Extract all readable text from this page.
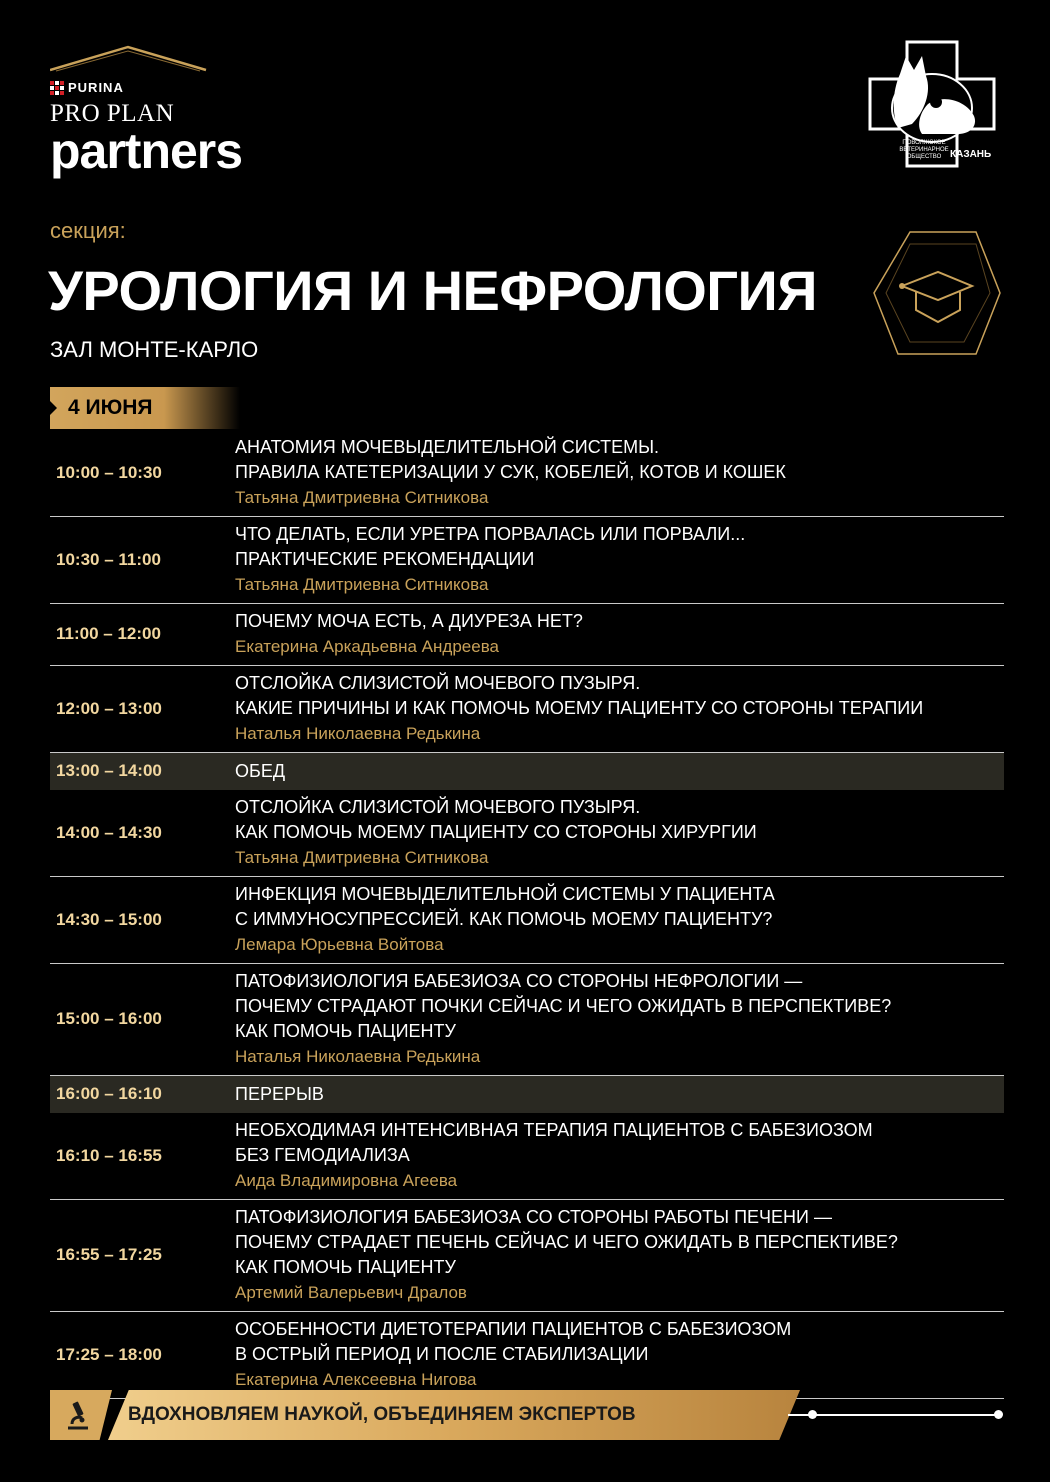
PURINA
PRO PLAN
partners	ПОВОЛЖСКОЕ
ВЕТЕРИНАРНОЕ
ОБЩЕСТВО КАЗАНЬ
секция:
УРОЛОГИЯ И НЕФРОЛОГИЯ
ЗАЛ МОНТЕ-КАРЛО
4 ИЮНЯ
10:00 – 10:30
АНАТОМИЯ МОЧЕВЫДЕЛИТЕЛЬНОЙ СИСТЕМЫ.
ПРАВИЛА КАТЕТЕРИЗАЦИИ У СУК, КОБЕЛЕЙ, КОТОВ И КОШЕК
Татьяна Дмитриевна Ситникова
10:30 – 11:00
ЧТО ДЕЛАТЬ, ЕСЛИ УРЕТРА ПОРВАЛАСЬ ИЛИ ПОРВАЛИ...
ПРАКТИЧЕСКИЕ РЕКОМЕНДАЦИИ
Татьяна Дмитриевна Ситникова
11:00 – 12:00
ПОЧЕМУ МОЧА ЕСТЬ, А ДИУРЕЗА НЕТ?
Екатерина Аркадьевна Андреева
12:00 – 13:00
ОТСЛОЙКА СЛИЗИСТОЙ МОЧЕВОГО ПУЗЫРЯ.
КАКИЕ ПРИЧИНЫ И КАК ПОМОЧЬ МОЕМУ ПАЦИЕНТУ СО СТОРОНЫ ТЕРАПИИ
Наталья Николаевна Редькина
13:00 – 14:00	ОБЕД
14:00 – 14:30
ОТСЛОЙКА СЛИЗИСТОЙ МОЧЕВОГО ПУЗЫРЯ.
КАК ПОМОЧЬ МОЕМУ ПАЦИЕНТУ СО СТОРОНЫ ХИРУРГИИ
Татьяна Дмитриевна Ситникова
14:30 – 15:00
ИНФЕКЦИЯ МОЧЕВЫДЕЛИТЕЛЬНОЙ СИСТЕМЫ У ПАЦИЕНТА
С ИММУНОСУПРЕССИЕЙ. КАК ПОМОЧЬ МОЕМУ ПАЦИЕНТУ?
Лемара Юрьевна Войтова
15:00 – 16:00
ПАТОФИЗИОЛОГИЯ БАБЕЗИОЗА СО СТОРОНЫ НЕФРОЛОГИИ —
ПОЧЕМУ СТРАДАЮТ ПОЧКИ СЕЙЧАС И ЧЕГО ОЖИДАТЬ В ПЕРСПЕКТИВЕ?
КАК ПОМОЧЬ ПАЦИЕНТУ
Наталья Николаевна Редькина
16:00 – 16:10	ПЕРЕРЫВ
16:10 – 16:55
НЕОБХОДИМАЯ ИНТЕНСИВНАЯ ТЕРАПИЯ ПАЦИЕНТОВ С БАБЕЗИОЗОМ
БЕЗ ГЕМОДИАЛИЗА
Аида Владимировна Агеева
16:55 – 17:25
ПАТОФИЗИОЛОГИЯ БАБЕЗИОЗА СО СТОРОНЫ РАБОТЫ ПЕЧЕНИ —
ПОЧЕМУ СТРАДАЕТ ПЕЧЕНЬ СЕЙЧАС И ЧЕГО ОЖИДАТЬ В ПЕРСПЕКТИВЕ?
КАК ПОМОЧЬ ПАЦИЕНТУ
Артемий Валерьевич Дралов
17:25 – 18:00
ОСОБЕННОСТИ ДИЕТОТЕРАПИИ ПАЦИЕНТОВ С БАБЕЗИОЗОМ
В ОСТРЫЙ ПЕРИОД И ПОСЛЕ СТАБИЛИЗАЦИИ
Екатерина Алексеевна Нигова
ВДОХНОВЛЯЕМ НАУКОЙ, ОБЪЕДИНЯЕМ ЭКСПЕРТОВ
